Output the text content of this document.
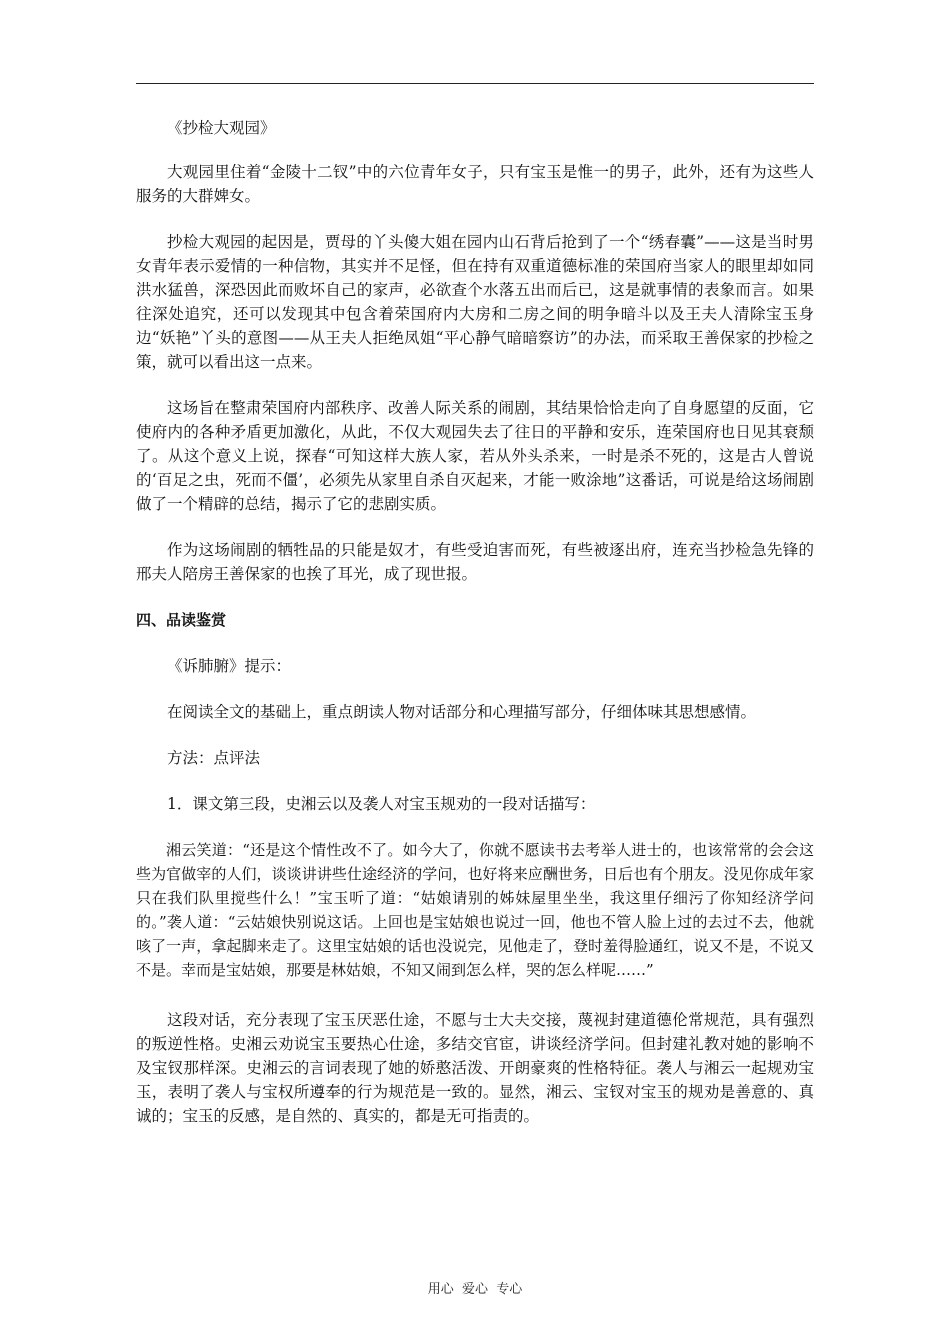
《抄检大观园》

大观园里住着“金陵十二钗”中的六位青年女子，只有宝玉是惟一的男子，此外，还有为这些人服务的大群婢女。

抄检大观园的起因是，贾母的丫头傻大姐在园内山石背后抢到了一个“绣春囊”——这是当时男女青年表示爱情的一种信物，其实并不足怪，但在持有双重道德标准的荣国府当家人的眼里却如同洪水猛兽，深恐因此而败坏自己的家声，必欲查个水落五出而后已，这是就事情的表象而言。如果往深处追究，还可以发现其中包含着荣国府内大房和二房之间的明争暗斗以及王夫人清除宝玉身边“妖艳”丫头的意图——从王夫人拒绝凤姐“平心静气暗暗察访”的办法，而采取王善保家的抄检之策，就可以看出这一点来。

这场旨在整肃荣国府内部秩序、改善人际关系的闹剧，其结果恰恰走向了自身愿望的反面，它使府内的各种矛盾更加激化，从此，不仅大观园失去了往日的平静和安乐，连荣国府也日见其衰颓了。从这个意义上说，探春“可知这样大族人家，若从外头杀来，一时是杀不死的，这是古人曾说的‘百足之虫，死而不僵’，必须先从家里自杀自灭起来，才能一败涂地”这番话，可说是给这场闹剧做了一个精辟的总结，揭示了它的悲剧实质。

作为这场闹剧的牺牲品的只能是奴才，有些受迫害而死，有些被逐出府，连充当抄检急先锋的邢夫人陪房王善保家的也挨了耳光，成了现世报。

四、品读鉴赏

《诉肺腑》提示：

在阅读全文的基础上，重点朗读人物对话部分和心理描写部分，仔细体味其思想感情。

方法：点评法

1．课文第三段，史湘云以及袭人对宝玉规劝的一段对话描写：

湘云笑道：“还是这个情性改不了。如今大了，你就不愿读书去考举人进士的，也该常常的会会这些为官做宰的人们，谈谈讲讲些仕途经济的学问，也好将来应酬世务，日后也有个朋友。没见你成年家只在我们队里搅些什么！”宝玉听了道：“姑娘请别的姊妹屋里坐坐，我这里仔细污了你知经济学问的。”袭人道：“云姑娘快别说这话。上回也是宝姑娘也说过一回，他也不管人脸上过的去过不去，他就咳了一声，拿起脚来走了。这里宝姑娘的话也没说完，见他走了，登时羞得脸通红，说又不是，不说又不是。幸而是宝姑娘，那要是林姑娘，不知又闹到怎么样，哭的怎么样呢……”

这段对话，充分表现了宝玉厌恶仕途，不愿与士大夫交接，蔑视封建道德伦常规范，具有强烈的叛逆性格。史湘云劝说宝玉要热心仕途，多结交官宦，讲谈经济学问。但封建礼教对她的影响不及宝钗那样深。史湘云的言词表现了她的娇憨活泼、开朗豪爽的性格特征。袭人与湘云一起规劝宝玉，表明了袭人与宝权所遵奉的行为规范是一致的。显然，湘云、宝钗对宝玉的规劝是善意的、真诚的；宝玉的反感，是自然的、真实的，都是无可指责的。

用心  爱心  专心
